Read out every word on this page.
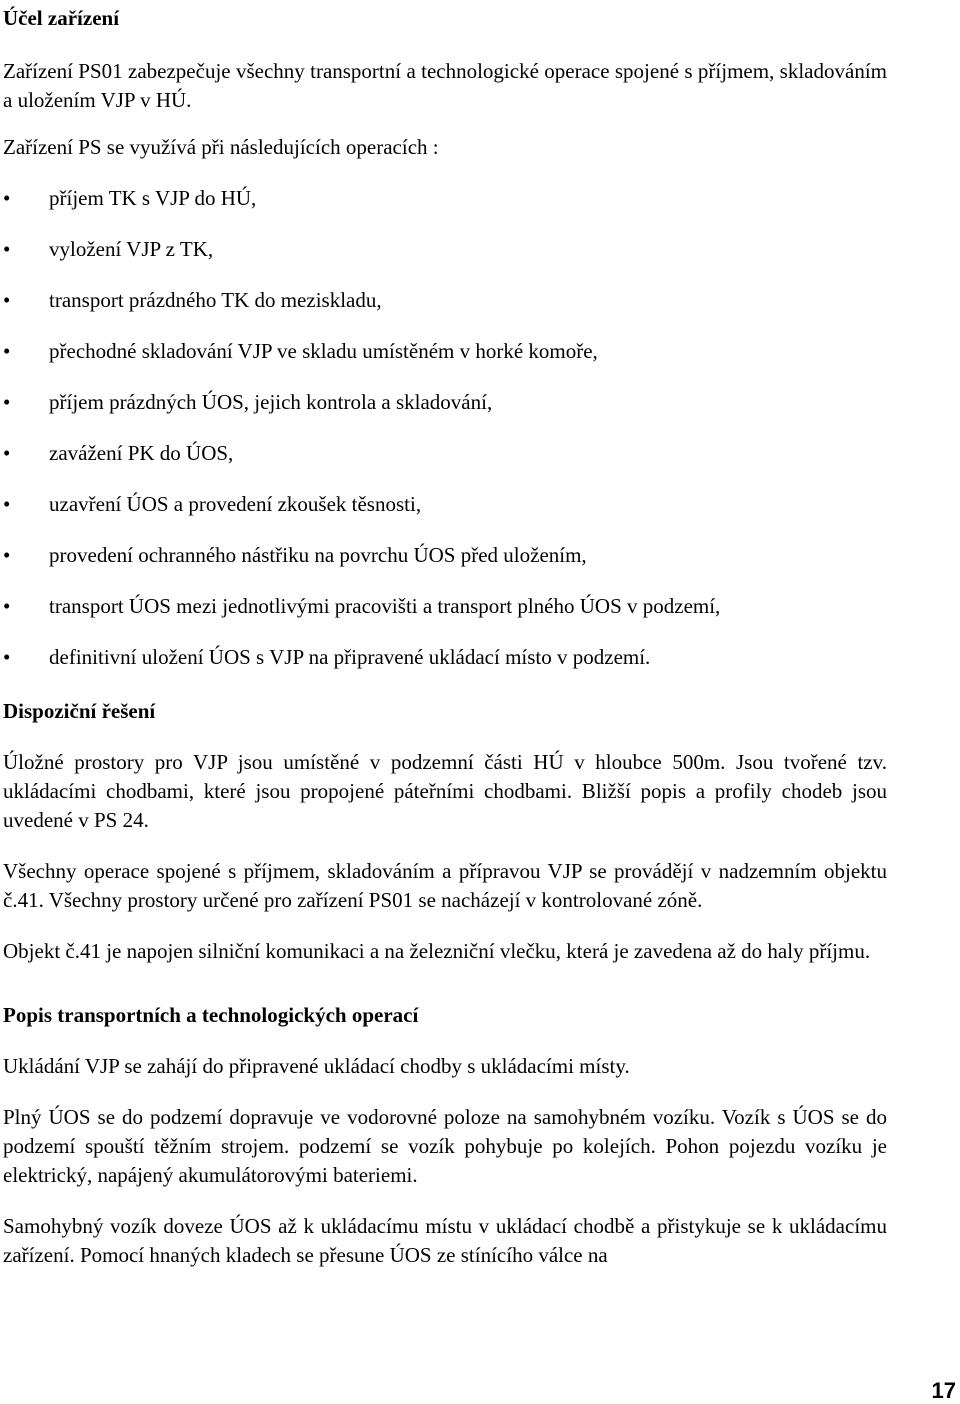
Účel zařízení

Zařízení PS01 zabezpečuje všechny transportní a technologické operace spojené s příjmem, skladováním a uložením VJP v HÚ.

Zařízení PS se využívá při následujících operacích :

•	příjem TK s VJP do HÚ,
•	vyložení VJP z TK,
•	transport prázdného TK do meziskladu,
•	přechodné skladování VJP ve skladu umístěném v horké komoře,
•	příjem prázdných ÚOS, jejich kontrola a skladování,
•	zavážení PK do ÚOS,
•	uzavření ÚOS a provedení zkoušek těsnosti,
•	provedení ochranného nástřiku na povrchu ÚOS před uložením,
•	transport ÚOS mezi jednotlivými pracovišti a transport plného ÚOS v podzemí,
•	definitivní uložení ÚOS s VJP na připravené ukládací místo v podzemí.
Dispoziční řešení

Úložné prostory pro VJP jsou umístěné v podzemní části HÚ v hloubce 500m. Jsou tvořené tzv. ukládacími chodbami, které jsou propojené páteřními chodbami. Bližší popis a profily chodeb jsou uvedené v PS 24.

Všechny operace spojené s příjmem, skladováním a přípravou VJP se provádějí v nadzemním objektu č.41. Všechny prostory určené pro zařízení PS01 se nacházejí v kontrolované zóně.

Objekt č.41 je napojen silniční komunikaci a na železniční vlečku, která je zavedena až do haly příjmu.

Popis transportních a technologických operací

Ukládání VJP se zahájí do připravené ukládací chodby s ukládacími místy.

Plný ÚOS se do podzemí dopravuje ve vodorovné poloze na samohybném vozíku. Vozík s ÚOS se do podzemí spouští těžním strojem. podzemí se vozík pohybuje po kolejích. Pohon pojezdu vozíku je elektrický, napájený akumulátorovými bateriemi.

Samohybný vozík doveze ÚOS až k ukládacímu místu v ukládací chodbě a přistykuje se k ukládacímu zařízení. Pomocí hnaných kladech se přesune ÚOS ze stínícího válce na

17
